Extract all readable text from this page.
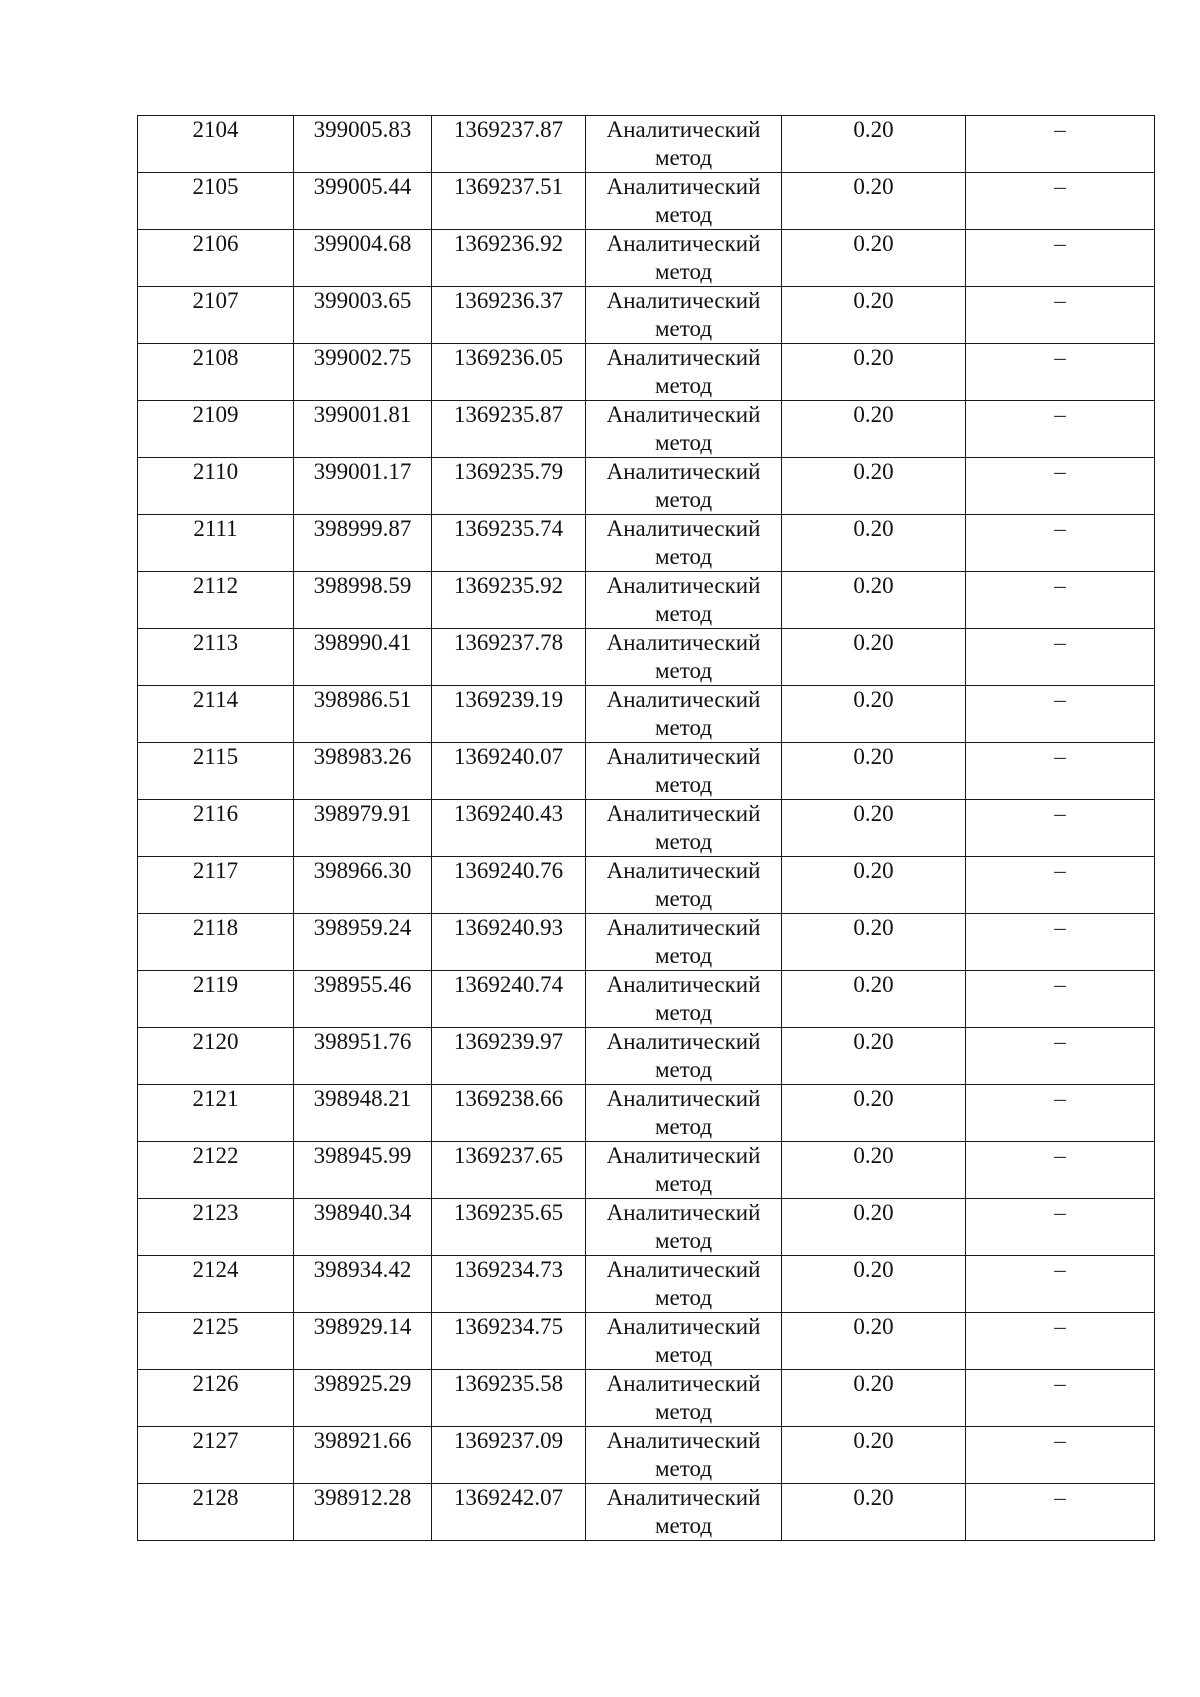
2104	399005.83	1369237.87	Аналитический метод	0.20	–

2105	399005.44	1369237.51	Аналитический метод	0.20	–

2106	399004.68	1369236.92	Аналитический метод	0.20	–

2107	399003.65	1369236.37	Аналитический метод	0.20	–

2108	399002.75	1369236.05	Аналитический метод	0.20	–

2109	399001.81	1369235.87	Аналитический метод	0.20	–

2110	399001.17	1369235.79	Аналитический метод	0.20	–

2111	398999.87	1369235.74	Аналитический метод	0.20	–

2112	398998.59	1369235.92	Аналитический метод	0.20	–

2113	398990.41	1369237.78	Аналитический метод	0.20	–

2114	398986.51	1369239.19	Аналитический метод	0.20	–

2115	398983.26	1369240.07	Аналитический метод	0.20	–

2116	398979.91	1369240.43	Аналитический метод	0.20	–

2117	398966.30	1369240.76	Аналитический метод	0.20	–

2118	398959.24	1369240.93	Аналитический метод	0.20	–

2119	398955.46	1369240.74	Аналитический метод	0.20	–

2120	398951.76	1369239.97	Аналитический метод	0.20	–

2121	398948.21	1369238.66	Аналитический метод	0.20	–

2122	398945.99	1369237.65	Аналитический метод	0.20	–

2123	398940.34	1369235.65	Аналитический метод	0.20	–

2124	398934.42	1369234.73	Аналитический метод	0.20	–

2125	398929.14	1369234.75	Аналитический метод	0.20	–

2126	398925.29	1369235.58	Аналитический метод	0.20	–

2127	398921.66	1369237.09	Аналитический метод	0.20	–

2128	398912.28	1369242.07	Аналитический метод	0.20	–
